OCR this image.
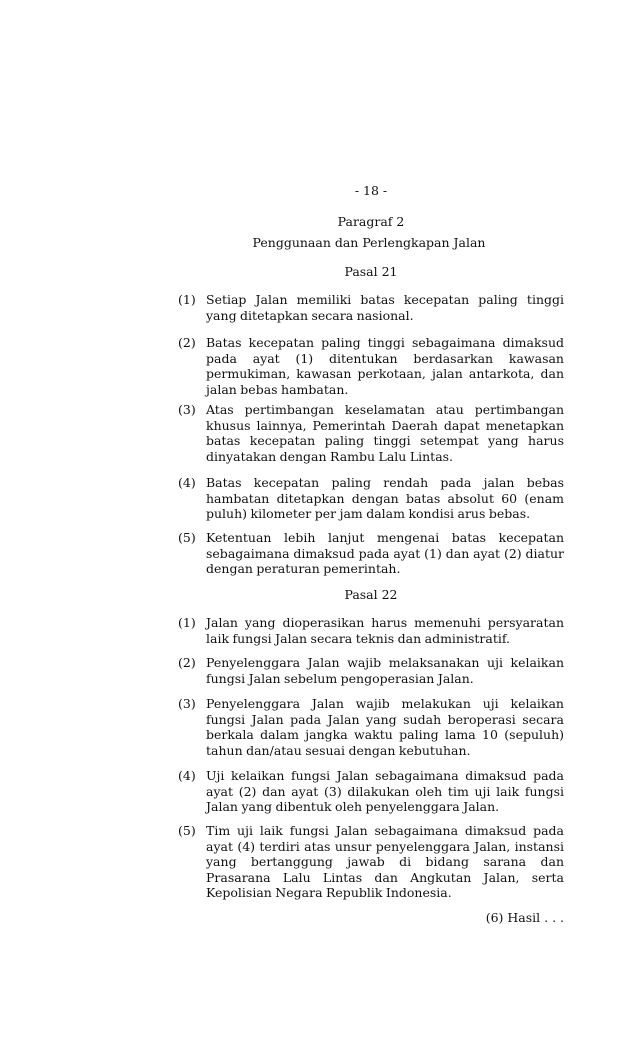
- 18 -
Paragraf 2
Penggunaan dan Perlengkapan Jalan
Pasal 21
(1) Setiap Jalan memiliki batas kecepatan paling tinggi yang ditetapkan secara nasional.
(2) Batas kecepatan paling tinggi sebagaimana dimaksud pada ayat (1) ditentukan berdasarkan kawasan permukiman, kawasan perkotaan, jalan antarkota, dan jalan bebas hambatan.
(3) Atas pertimbangan keselamatan atau pertimbangan khusus lainnya, Pemerintah Daerah dapat menetapkan batas kecepatan paling tinggi setempat yang harus dinyatakan dengan Rambu Lalu Lintas.
(4) Batas kecepatan paling rendah pada jalan bebas hambatan ditetapkan dengan batas absolut 60 (enam puluh) kilometer per jam dalam kondisi arus bebas.
(5) Ketentuan lebih lanjut mengenai batas kecepatan sebagaimana dimaksud pada ayat (1) dan ayat (2) diatur dengan peraturan pemerintah.
Pasal 22
(1) Jalan yang dioperasikan harus memenuhi persyaratan laik fungsi Jalan secara teknis dan administratif.
(2) Penyelenggara Jalan wajib melaksanakan uji kelaikan fungsi Jalan sebelum pengoperasian Jalan.
(3) Penyelenggara Jalan wajib melakukan uji kelaikan fungsi Jalan pada Jalan yang sudah beroperasi secara berkala dalam jangka waktu paling lama 10 (sepuluh) tahun dan/atau sesuai dengan kebutuhan.
(4) Uji kelaikan fungsi Jalan sebagaimana dimaksud pada ayat (2) dan ayat (3) dilakukan oleh tim uji laik fungsi Jalan yang dibentuk oleh penyelenggara Jalan.
(5) Tim uji laik fungsi Jalan sebagaimana dimaksud pada ayat (4) terdiri atas unsur penyelenggara Jalan, instansi yang bertanggung jawab di bidang sarana dan Prasarana Lalu Lintas dan Angkutan Jalan, serta Kepolisian Negara Republik Indonesia.
(6) Hasil . . .
